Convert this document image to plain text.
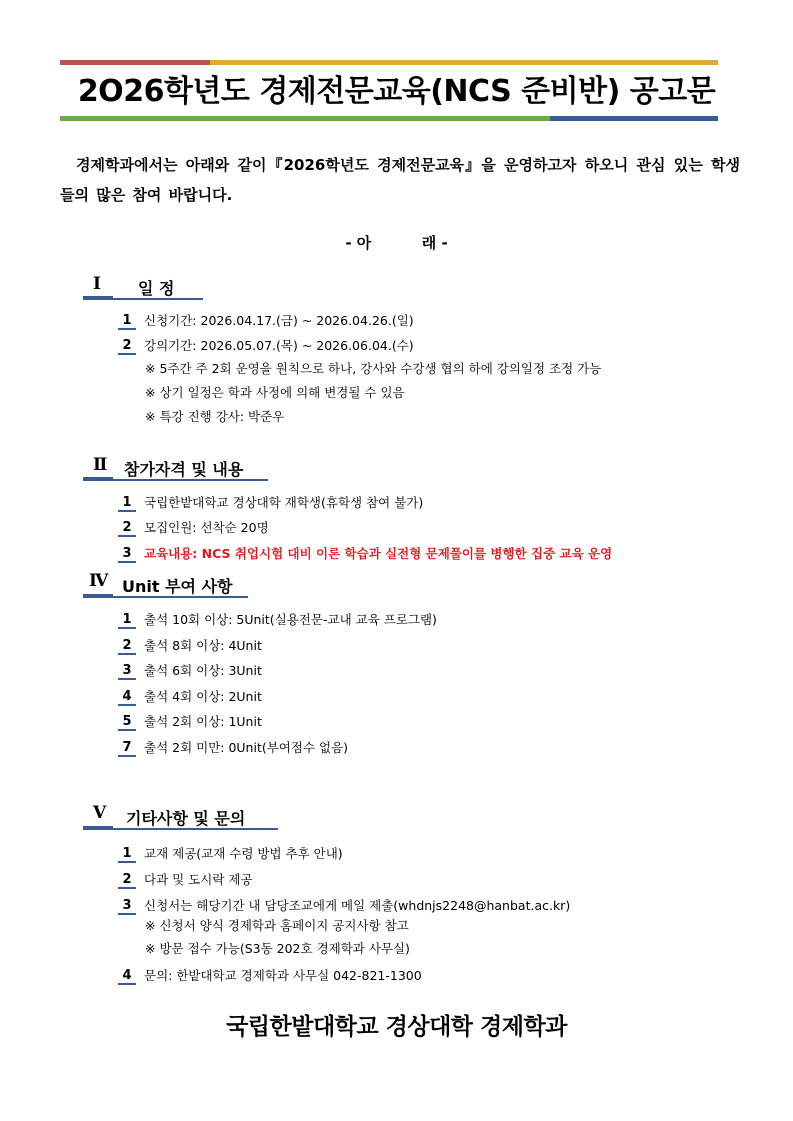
2O26학년도 경제전문교육(NCS 준비반) 공고문
경제학과에서는 아래와 같이『2026학년도 경제전문교육』을 운영하고자 하오니 관심 있는 학생들의 많은 참여 바랍니다.
- 아	래 -
Ⅰ 일 정
1 신청기간: 2026.04.17.(금) ~ 2026.04.26.(일)
2 강의기간: 2026.05.07.(목) ~ 2026.06.04.(수)
※ 5주간 주 2회 운영을 원칙으로 하나, 강사와 수강생 협의 하에 강의일정 조정 가능
※ 상기 일정은 학과 사정에 의해 변경될 수 있음
※ 특강 진행 강사: 박준우
Ⅱ 참가자격 및 내용
1 국립한밭대학교 경상대학 재학생(휴학생 참여 불가)
2 모집인원: 선착순 20명
3 교육내용: NCS 취업시험 대비 이론 학습과 실전형 문제풀이를 병행한 집중 교육 운영
Ⅳ Unit 부여 사항
1 출석 10회 이상: 5Unit(실용전문-교내 교육 프로그램)
2 출석 8회 이상: 4Unit
3 출석 6회 이상: 3Unit
4 출석 4회 이상: 2Unit
5 출석 2회 이상: 1Unit
7 출석 2회 미만: 0Unit(부여점수 없음)
Ⅴ 기타사항 및 문의
1 교재 제공(교재 수령 방법 추후 안내)
2 다과 및 도시락 제공
3 신청서는 해당기간 내 담당조교에게 메일 제출(whdnjs2248@hanbat.ac.kr)
※ 신청서 양식 경제학과 홈페이지 공지사항 참고
※ 방문 접수 가능(S3동 202호 경제학과 사무실)
4 문의: 한밭대학교 경제학과 사무실 042-821-1300
국립한밭대학교 경상대학 경제학과
